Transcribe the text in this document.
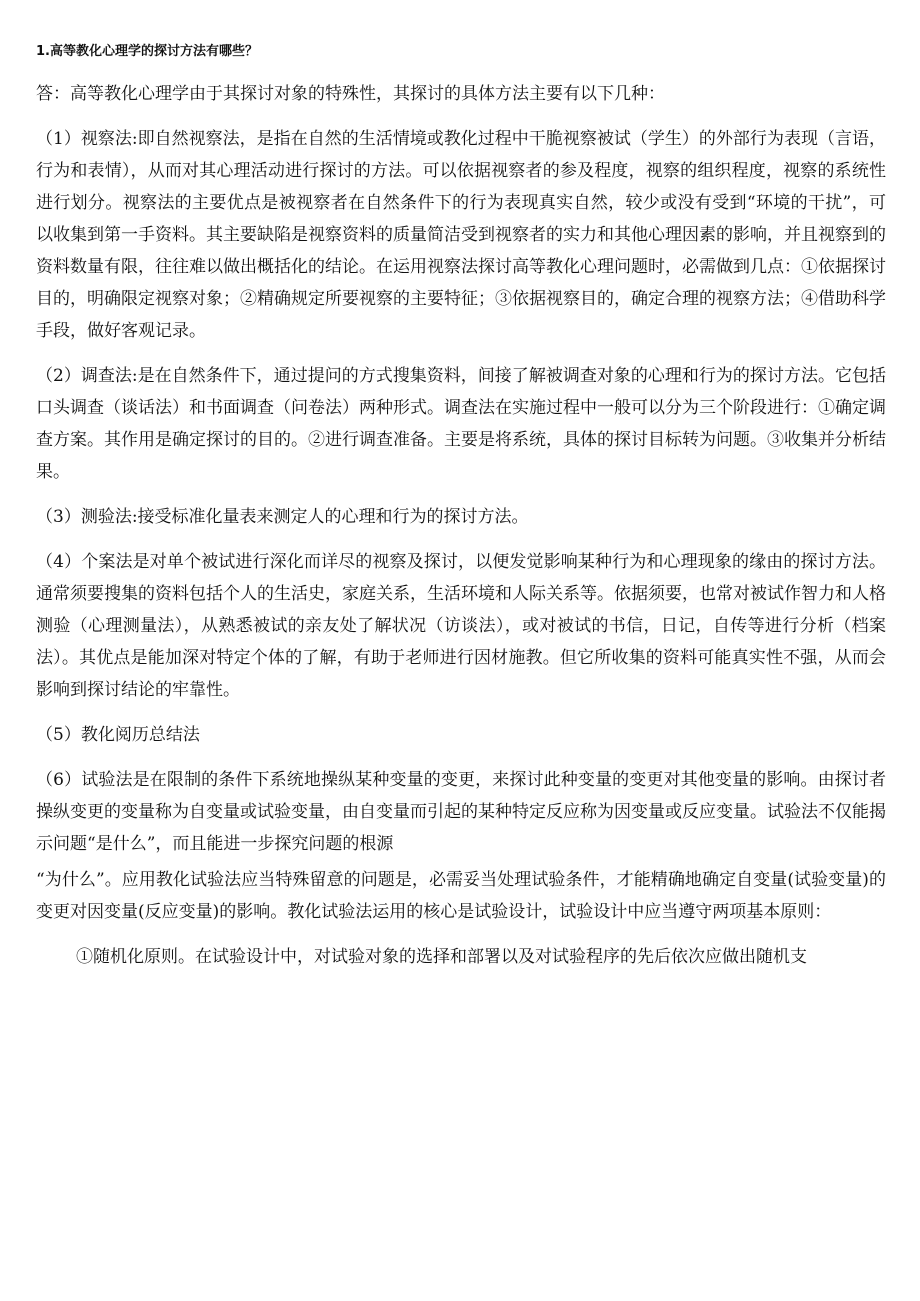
1.高等教化心理学的探讨方法有哪些？

答：高等教化心理学由于其探讨对象的特殊性，其探讨的具体方法主要有以下几种：

（1）视察法:即自然视察法，是指在自然的生活情境或教化过程中干脆视察被试（学生）的外部行为表现（言语，行为和表情），从而对其心理活动进行探讨的方法。可以依据视察者的参及程度，视察的组织程度，视察的系统性进行划分。视察法的主要优点是被视察者在自然条件下的行为表现真实自然，较少或没有受到“环境的干扰”，可以收集到第一手资料。其主要缺陷是视察资料的质量简洁受到视察者的实力和其他心理因素的影响，并且视察到的资料数量有限，往往难以做出概括化的结论。在运用视察法探讨高等教化心理问题时，必需做到几点：①依据探讨目的，明确限定视察对象；②精确规定所要视察的主要特征；③依据视察目的，确定合理的视察方法；④借助科学手段，做好客观记录。

（2）调查法:是在自然条件下，通过提问的方式搜集资料，间接了解被调查对象的心理和行为的探讨方法。它包括口头调查（谈话法）和书面调查（问卷法）两种形式。调查法在实施过程中一般可以分为三个阶段进行：①确定调查方案。其作用是确定探讨的目的。②进行调查准备。主要是将系统，具体的探讨目标转为问题。③收集并分析结果。

（3）测验法:接受标准化量表来测定人的心理和行为的探讨方法。

（4）个案法是对单个被试进行深化而详尽的视察及探讨，以便发觉影响某种行为和心理现象的缘由的探讨方法。通常须要搜集的资料包括个人的生活史，家庭关系，生活环境和人际关系等。依据须要，也常对被试作智力和人格测验（心理测量法），从熟悉被试的亲友处了解状况（访谈法），或对被试的书信，日记，自传等进行分析（档案法）。其优点是能加深对特定个体的了解，有助于老师进行因材施教。但它所收集的资料可能真实性不强，从而会影响到探讨结论的牢靠性。

（5）教化阅历总结法

（6）试验法是在限制的条件下系统地操纵某种变量的变更，来探讨此种变量的变更对其他变量的影响。由探讨者操纵变更的变量称为自变量或试验变量，由自变量而引起的某种特定反应称为因变量或反应变量。试验法不仅能揭示问题“是什么”，而且能进一步探究问题的根源

“为什么”。应用教化试验法应当特殊留意的问题是，必需妥当处理试验条件，才能精确地确定自变量(试验变量)的变更对因变量(反应变量)的影响。教化试验法运用的核心是试验设计，试验设计中应当遵守两项基本原则：

①随机化原则。在试验设计中，对试验对象的选择和部署以及对试验程序的先后依次应做出随机支
